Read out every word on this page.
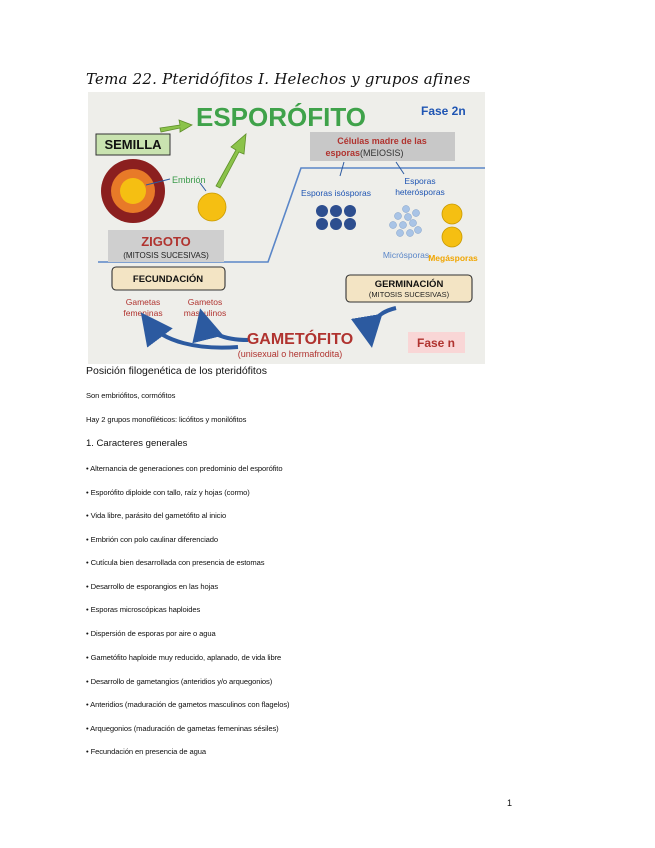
Tema 22. Pteridófitos I. Helechos y grupos afines
ESPORÓFITO	Fase 2n
SEMILLA
Embrión
Células madre de las
esporas (MEIOSIS)
Esporas isósporas
Esporas
heterósporas
Micrósporas Megásporas
ZIGOTO
(MITOSIS SUCESIVAS)
FECUNDACIÓN	GERMINACIÓN
(MITOSIS SUCESIVAS)
Gametas
femeninas
Gametos
masculinos
GAMETÓFITO
(unisexual o hermafrodita)
Fase n
Posición filogenética de los pteridófitos
Son embriófitos, cormófitos
Hay 2 grupos monofiléticos: licófitos y monilófitos
1. Caracteres generales
• Alternancia de generaciones con predominio del esporófito
• Esporófito diploide con tallo, raíz y hojas (cormo)
• Vida libre, parásito del gametófito al inicio
• Embrión con polo caulinar diferenciado
• Cutícula bien desarrollada con presencia de estomas
• Desarrollo de esporangios en las hojas
• Esporas microscópicas haploides
• Dispersión de esporas por aire o agua
• Gametófito haploide muy reducido, aplanado, de vida libre
• Desarrollo de gametangios (anteridios y/o arquegonios)
• Anteridios (maduración de gametos masculinos con flagelos)
• Arquegonios (maduración de gametas femeninas sésiles)
• Fecundación en presencia de agua
1
